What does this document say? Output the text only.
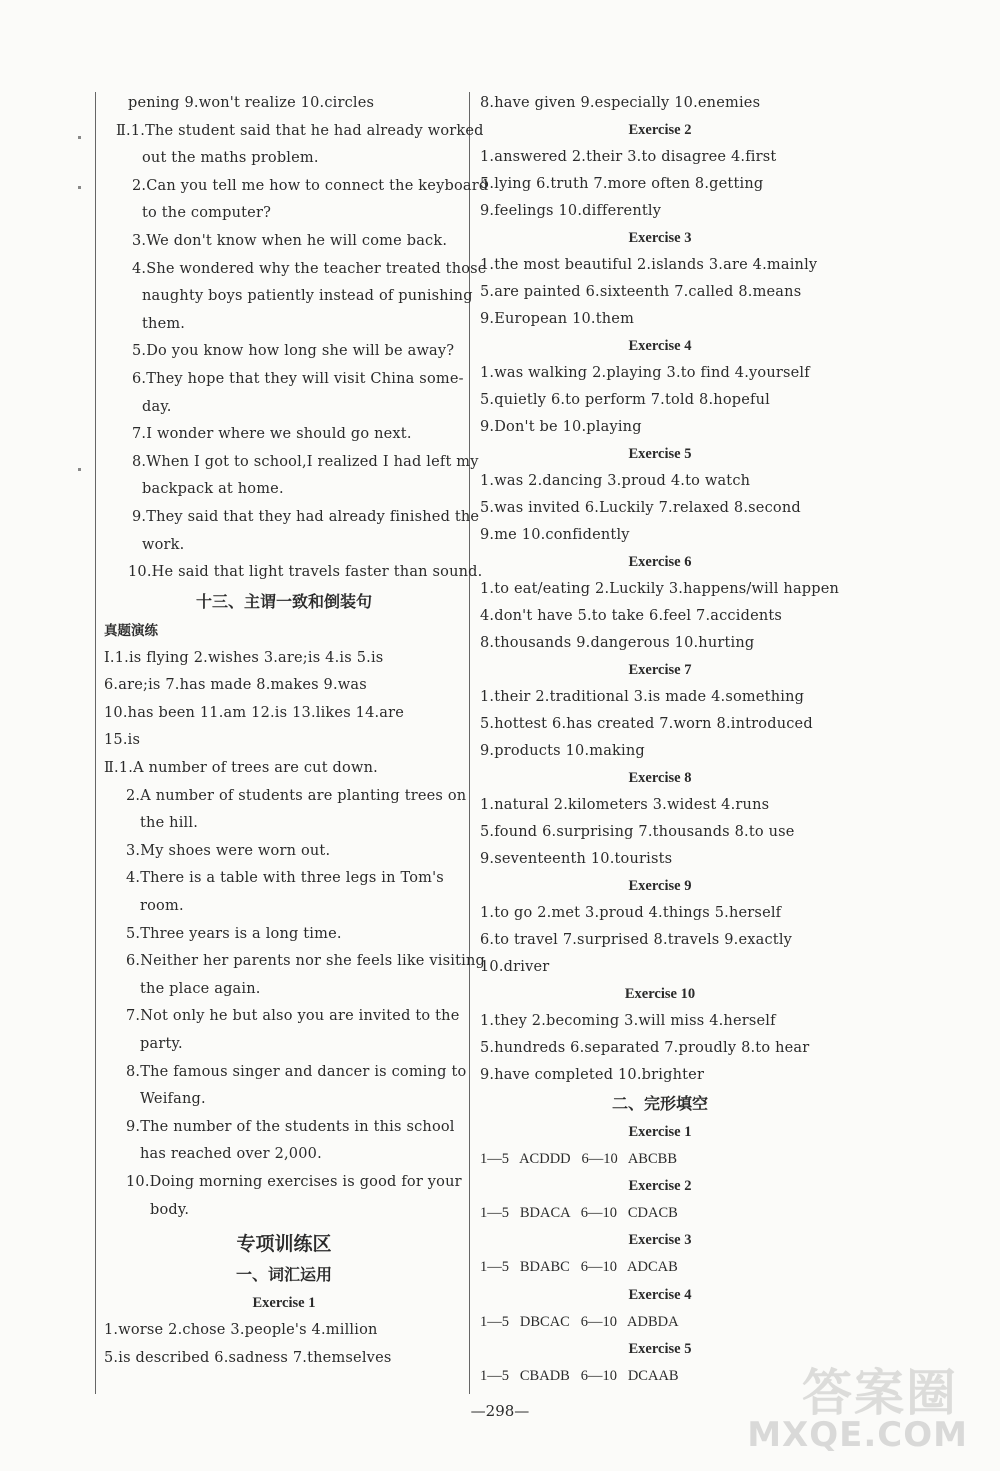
pening 9.won't realize 10.circles
Ⅱ.1.The student said that he had already worked
out the maths problem.
2.Can you tell me how to connect the keyboard
to the computer?
3.We don't know when he will come back.
4.She wondered why the teacher treated those
naughty boys patiently instead of punishing
them.
5.Do you know how long she will be away?
6.They hope that they will visit China some-
day.
7.I wonder where we should go next.
8.When I got to school,I realized I had left my
backpack at home.
9.They said that they had already finished the
work.
10.He said that light travels faster than sound.
十三、主谓一致和倒装句
真题演练
Ⅰ.1.is flying 2.wishes 3.are;is 4.is 5.is
6.are;is 7.has made 8.makes 9.was
10.has been 11.am 12.is 13.likes 14.are
15.is
Ⅱ.1.A number of trees are cut down.
2.A number of students are planting trees on
the hill.
3.My shoes were worn out.
4.There is a table with three legs in Tom's
room.
5.Three years is a long time.
6.Neither her parents nor she feels like visiting
the place again.
7.Not only he but also you are invited to the
party.
8.The famous singer and dancer is coming to
Weifang.
9.The number of the students in this school
has reached over 2,000.
10.Doing morning exercises is good for your
body.
专项训练区
一、词汇运用
Exercise 1
1.worse 2.chose 3.people's 4.million
5.is described 6.sadness 7.themselves
8.have given 9.especially 10.enemies
Exercise 2
1.answered 2.their 3.to disagree 4.first
5.lying 6.truth 7.more often 8.getting
9.feelings 10.differently
Exercise 3
1.the most beautiful 2.islands 3.are 4.mainly
5.are painted 6.sixteenth 7.called 8.means
9.European 10.them
Exercise 4
1.was walking 2.playing 3.to find 4.yourself
5.quietly 6.to perform 7.told 8.hopeful
9.Don't be 10.playing
Exercise 5
1.was 2.dancing 3.proud 4.to watch
5.was invited 6.Luckily 7.relaxed 8.second
9.me 10.confidently
Exercise 6
1.to eat/eating 2.Luckily 3.happens/will happen
4.don't have 5.to take 6.feel 7.accidents
8.thousands 9.dangerous 10.hurting
Exercise 7
1.their 2.traditional 3.is made 4.something
5.hottest 6.has created 7.worn 8.introduced
9.products 10.making
Exercise 8
1.natural 2.kilometers 3.widest 4.runs
5.found 6.surprising 7.thousands 8.to use
9.seventeenth 10.tourists
Exercise 9
1.to go 2.met 3.proud 4.things 5.herself
6.to travel 7.surprised 8.travels 9.exactly
10.driver
Exercise 10
1.they 2.becoming 3.will miss 4.herself
5.hundreds 6.separated 7.proudly 8.to hear
9.have completed 10.brighter
二、完形填空
Exercise 1
1—5   ACDDD   6—10   ABCBB
Exercise 2
1—5   BDACA   6—10   CDACB
Exercise 3
1—5   BDABC   6—10   ADCAB
Exercise 4
1—5   DBCAC   6—10   ADBDA
Exercise 5
1—5   CBADB   6—10   DCAAB
—298—	答案圈
MXQE.COM
